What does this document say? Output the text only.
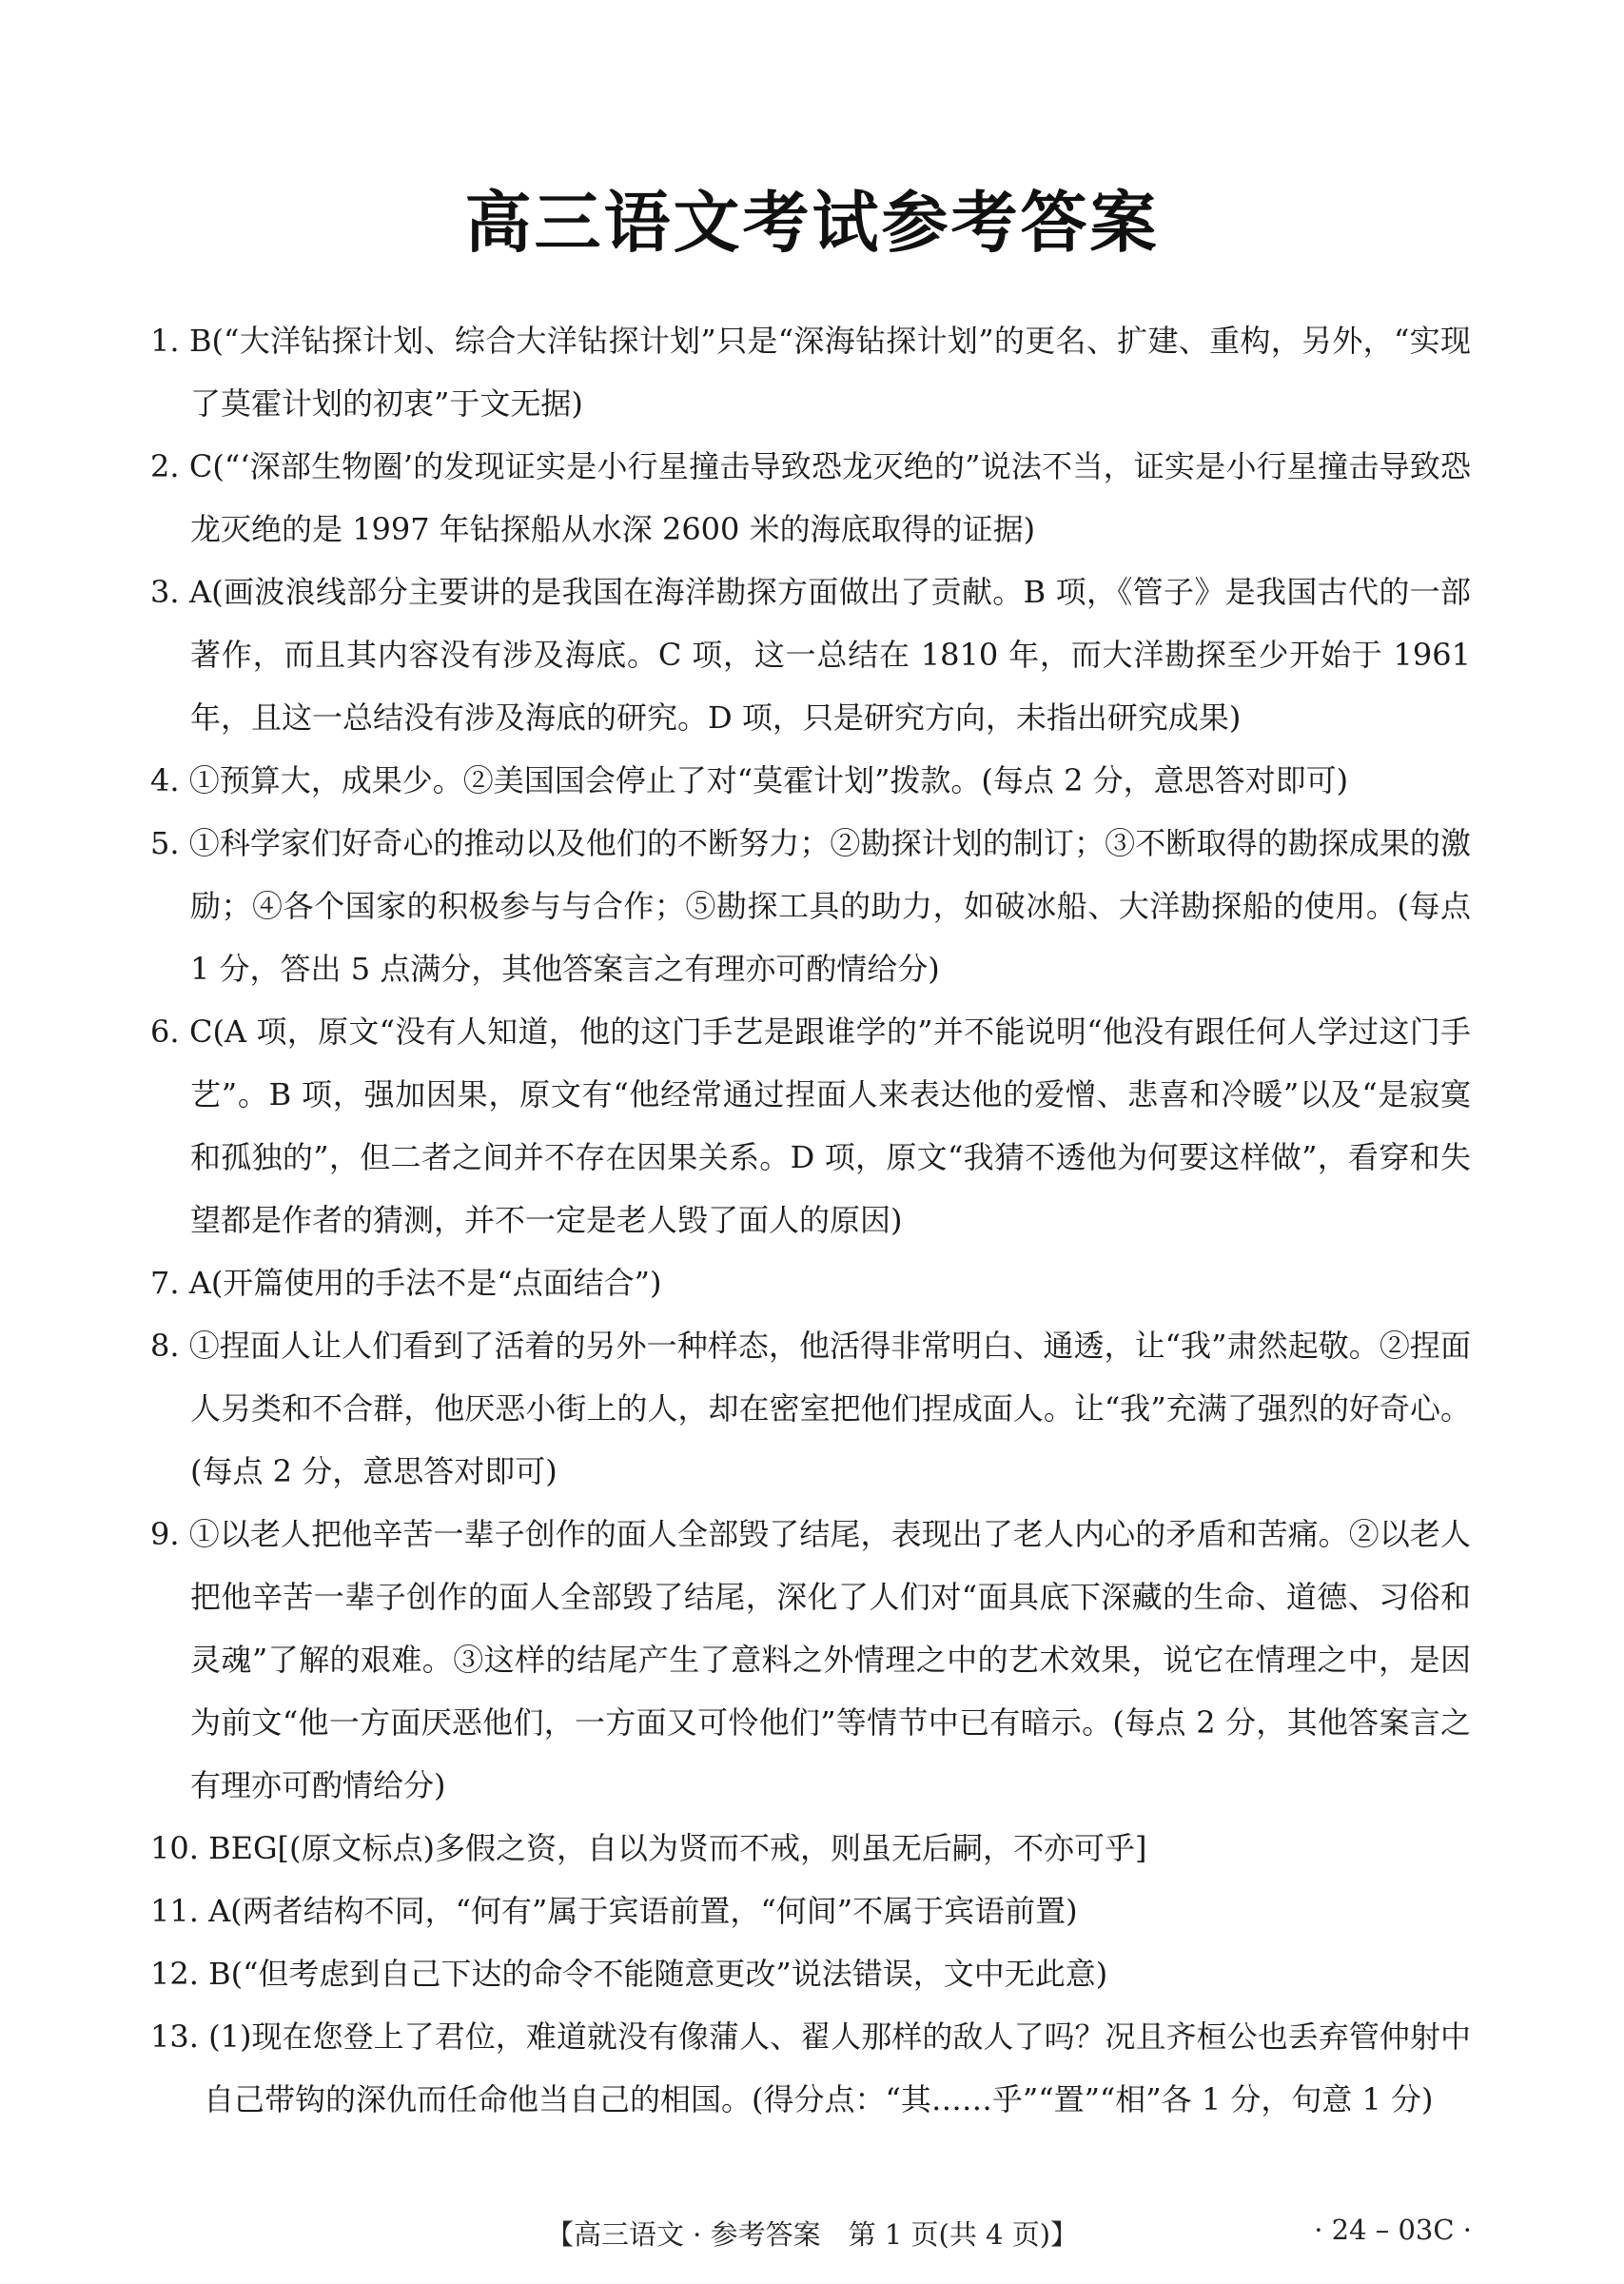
高三语文考试参考答案
1. B(“大洋钻探计划、综合大洋钻探计划”只是“深海钻探计划”的更名、扩建、重构，另外，“实现了莫霍计划的初衷”于文无据)
2. C(“‘深部生物圈’的发现证实是小行星撞击导致恐龙灭绝的”说法不当，证实是小行星撞击导致恐龙灭绝的是 1997 年钻探船从水深 2600 米的海底取得的证据)
3. A(画波浪线部分主要讲的是我国在海洋勘探方面做出了贡献。B 项，《管子》是我国古代的一部著作，而且其内容没有涉及海底。C 项，这一总结在 1810 年，而大洋勘探至少开始于 1961 年，且这一总结没有涉及海底的研究。D 项，只是研究方向，未指出研究成果)
4. ①预算大，成果少。②美国国会停止了对“莫霍计划”拨款。(每点 2 分，意思答对即可)
5. ①科学家们好奇心的推动以及他们的不断努力；②勘探计划的制订；③不断取得的勘探成果的激励；④各个国家的积极参与与合作；⑤勘探工具的助力，如破冰船、大洋勘探船的使用。(每点 1 分，答出 5 点满分，其他答案言之有理亦可酌情给分)
6. C(A 项，原文“没有人知道，他的这门手艺是跟谁学的”并不能说明“他没有跟任何人学过这门手艺”。B 项，强加因果，原文有“他经常通过捏面人来表达他的爱憎、悲喜和冷暖”以及“是寂寞和孤独的”，但二者之间并不存在因果关系。D 项，原文“我猜不透他为何要这样做”，看穿和失望都是作者的猜测，并不一定是老人毁了面人的原因)
7. A(开篇使用的手法不是“点面结合”)
8. ①捏面人让人们看到了活着的另外一种样态，他活得非常明白、通透，让“我”肃然起敬。②捏面人另类和不合群，他厌恶小街上的人，却在密室把他们捏成面人。让“我”充满了强烈的好奇心。(每点 2 分，意思答对即可)
9. ①以老人把他辛苦一辈子创作的面人全部毁了结尾，表现出了老人内心的矛盾和苦痛。②以老人把他辛苦一辈子创作的面人全部毁了结尾，深化了人们对“面具底下深藏的生命、道德、习俗和灵魂”了解的艰难。③这样的结尾产生了意料之外情理之中的艺术效果，说它在情理之中，是因为前文“他一方面厌恶他们，一方面又可怜他们”等情节中已有暗示。(每点 2 分，其他答案言之有理亦可酌情给分)
10. BEG[(原文标点)多假之资，自以为贤而不戒，则虽无后嗣，不亦可乎]
11. A(两者结构不同，“何有”属于宾语前置，“何间”不属于宾语前置)
12. B(“但考虑到自己下达的命令不能随意更改”说法错误，文中无此意)
13. (1)现在您登上了君位，难道就没有像蒲人、翟人那样的敌人了吗？况且齐桓公也丢弃管仲射中自己带钩的深仇而任命他当自己的相国。(得分点：“其……乎”“置”“相”各 1 分，句意 1 分)
【高三语文 · 参考答案　第 1 页(共 4 页)】	· 24 – 03C ·
